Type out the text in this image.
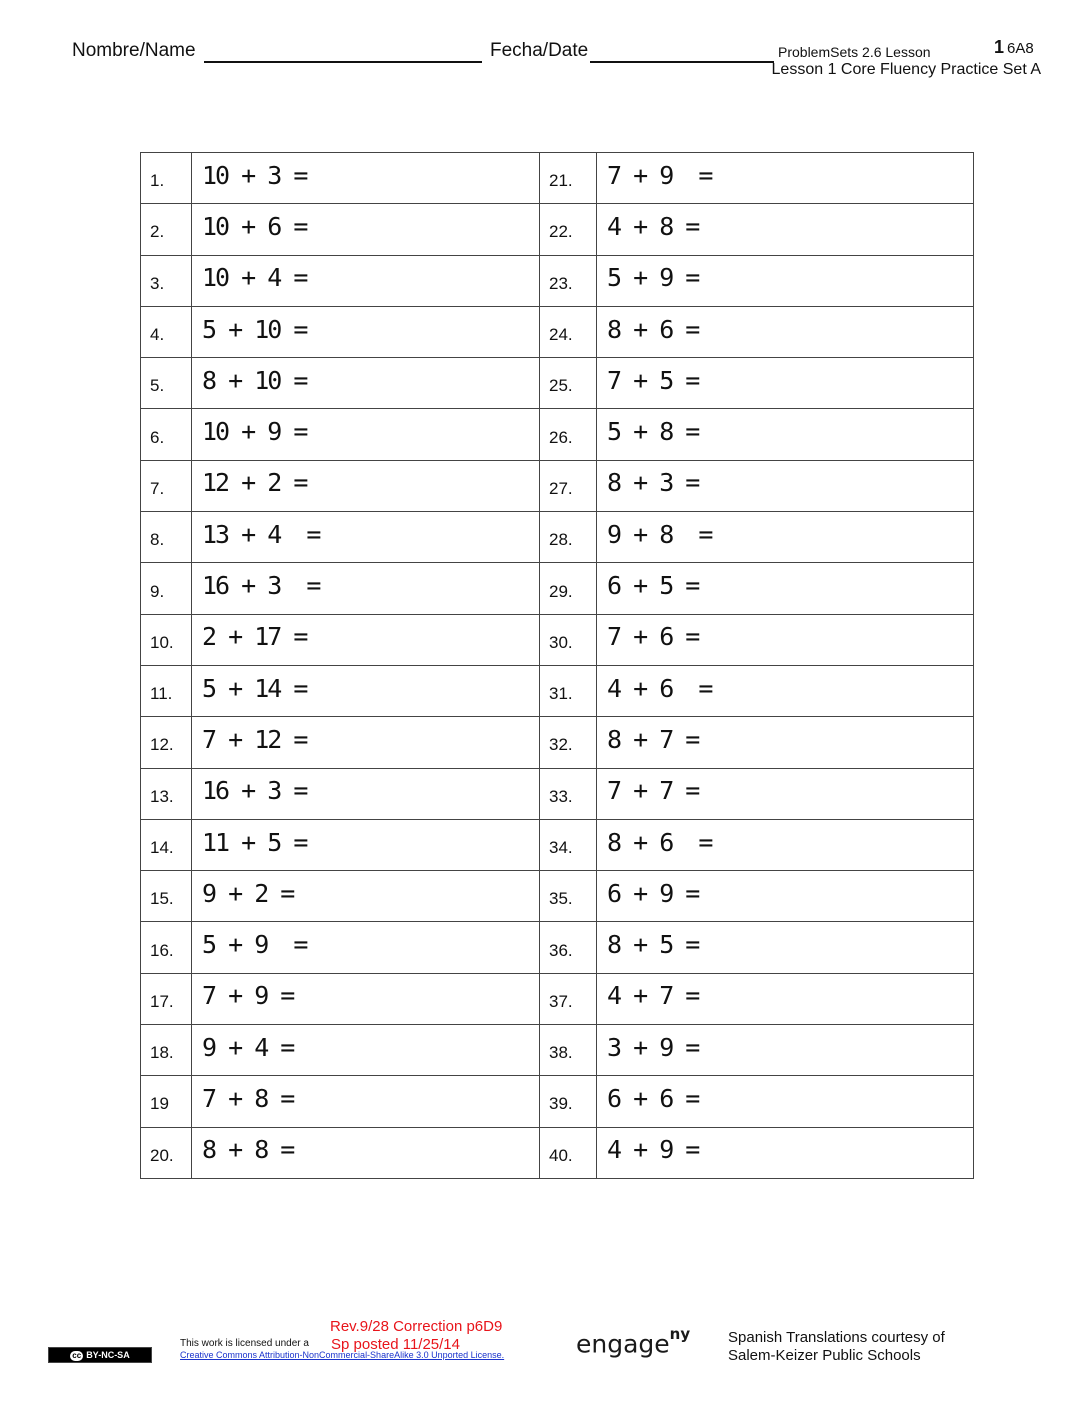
Nombre/Name	Fecha/Date	ProblemSets 2.6 Lesson	1 6A8
Lesson 1 Core Fluency Practice Set A
1.	10 + 3 =	21.	7 + 9  =
2.	10 + 6 =	22.	4 + 8 =
3.	10 + 4 =	23.	5 + 9 =
4.	5 + 10 =	24.	8 + 6 =
5.	8 + 10 =	25.	7 + 5 =
6.	10 + 9 =	26.	5 + 8 =
7.	12 + 2 =	27.	8 + 3 =
8.	13 + 4  =	28.	9 + 8  =
9.	16 + 3  =	29.	6 + 5 =
10.	2 + 17 =	30.	7 + 6 =
11.	5 + 14 =	31.	4 + 6  =
12.	7 + 12 =	32.	8 + 7 =
13.	16 + 3 =	33.	7 + 7 =
14.	11 + 5 =	34.	8 + 6  =
15.	9 + 2 =	35.	6 + 9 =
16.	5 + 9  =	36.	8 + 5 =
17.	7 + 9 =	37.	4 + 7 =
18.	9 + 4 =	38.	3 + 9 =
19	7 + 8 =	39.	6 + 6 =
20.	8 + 8 =	40.	4 + 9 =
cc BY-NC-SA
Rev.9/28 Correction p6D9
This work is licensed under a Sp posted 11/25/14
Creative Commons Attribution-NonCommercial-ShareAlike 3.0 Unported License.	engage$^{ny}$	Spanish Translations courtesy of
Salem-Keizer Public Schools
